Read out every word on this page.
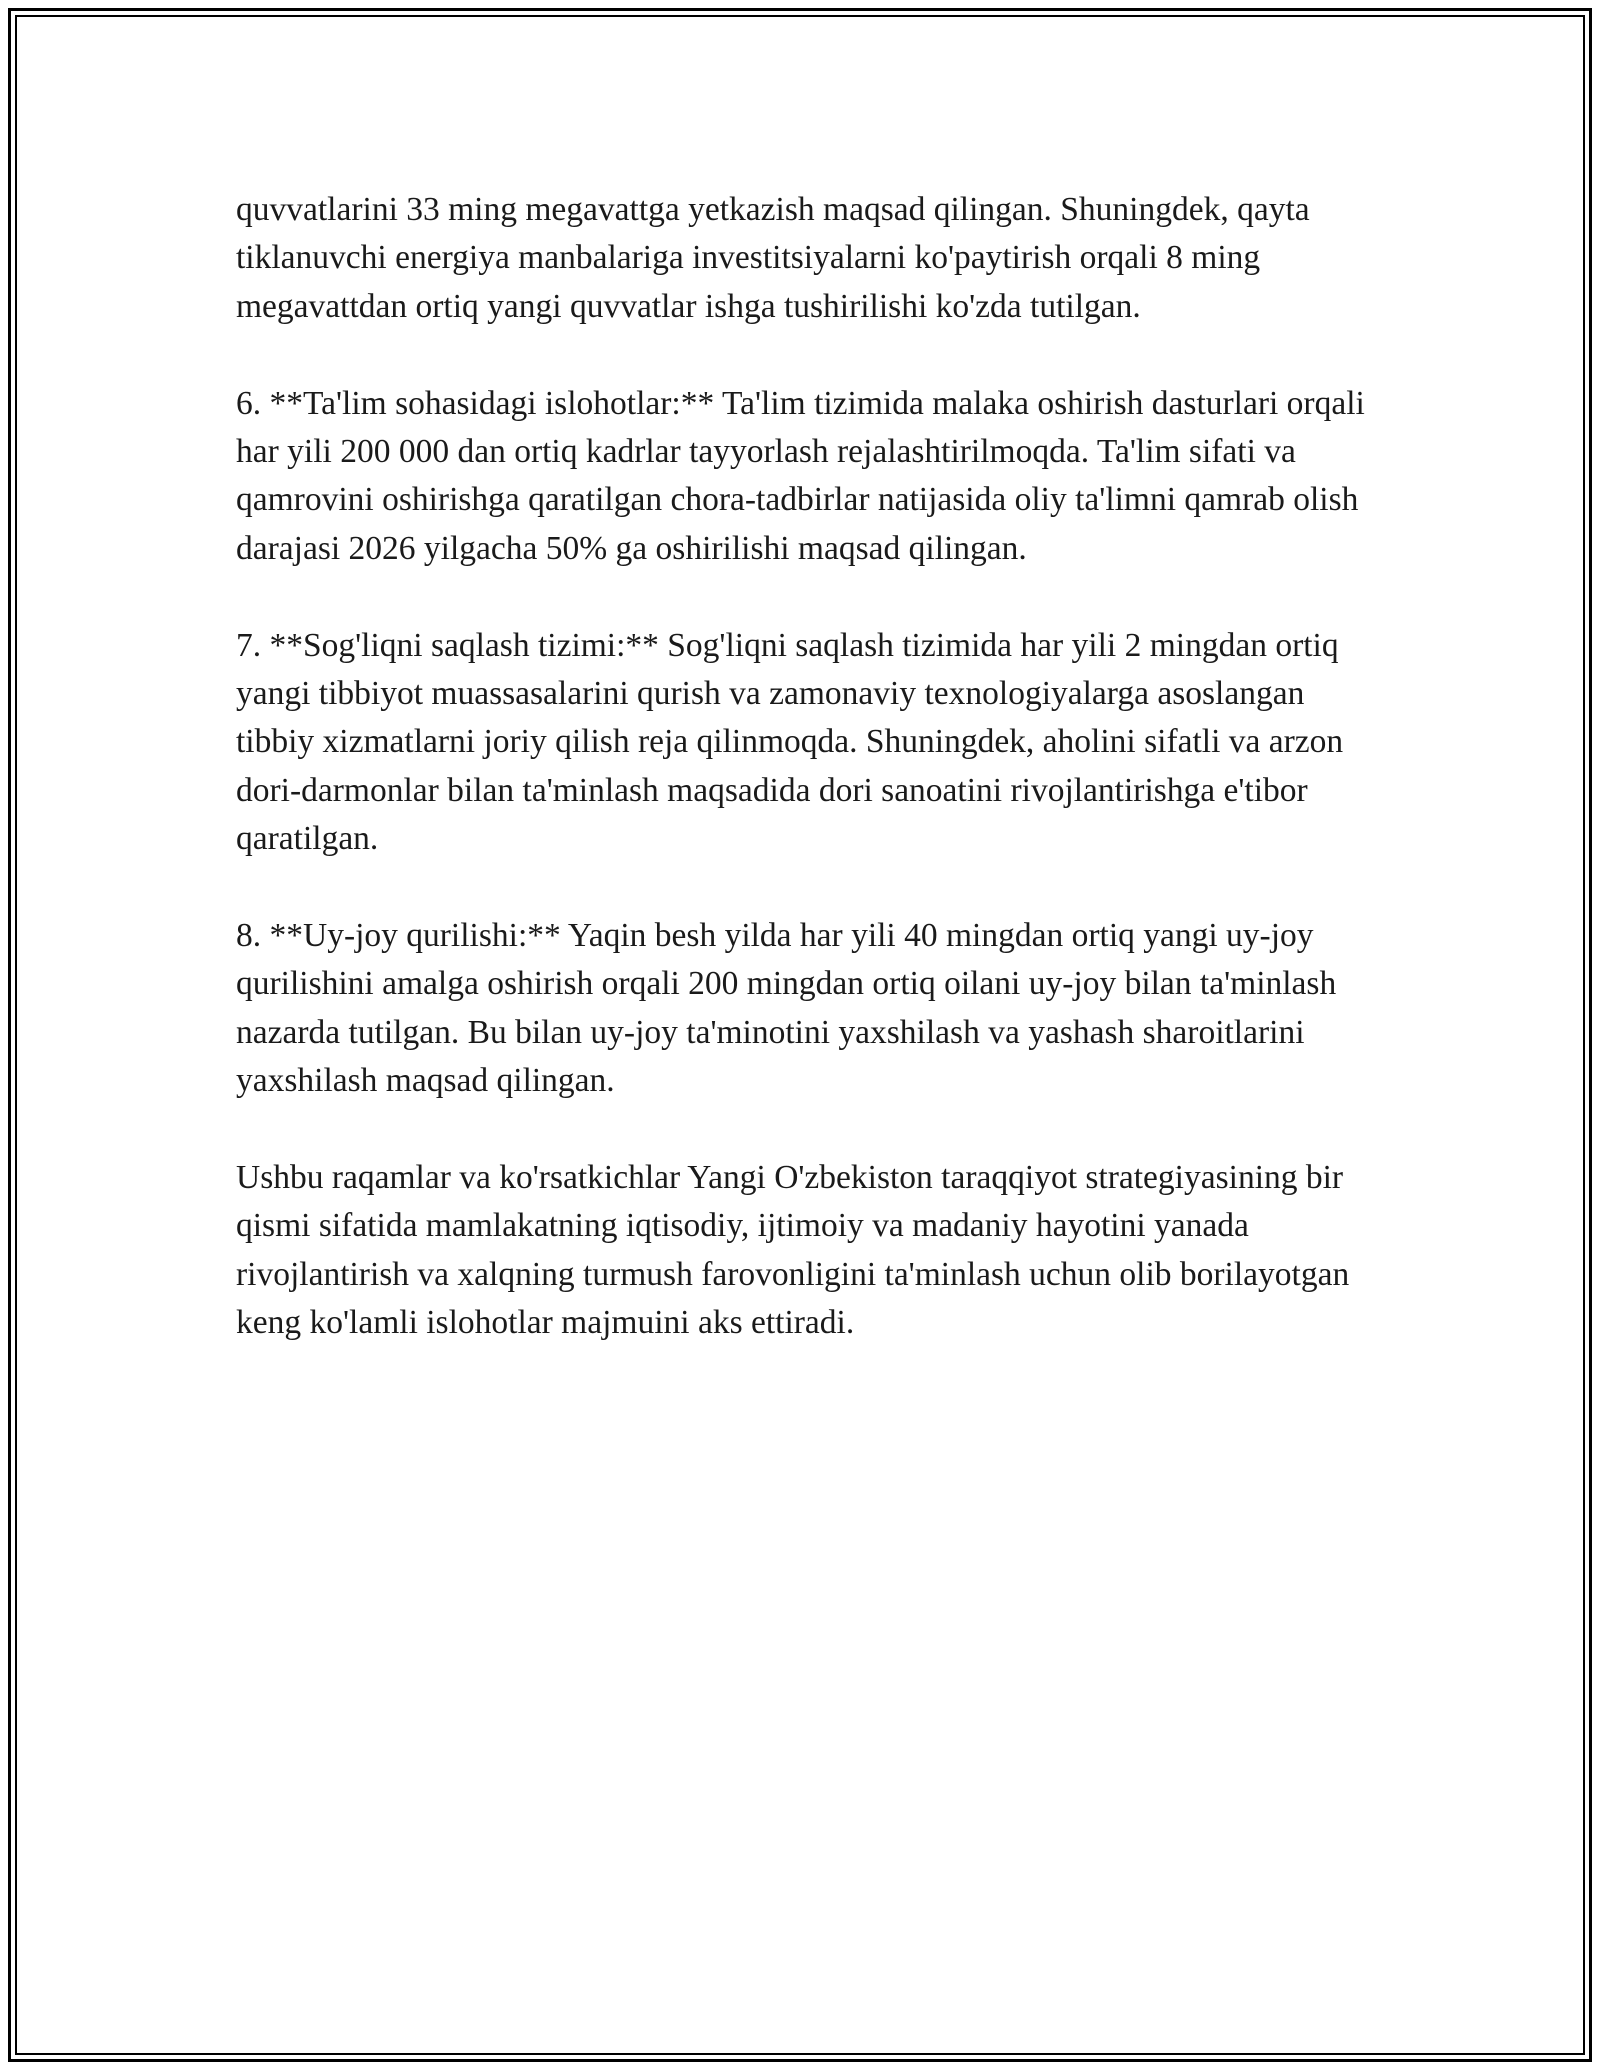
quvvatlarini 33 ming megavattga yetkazish maqsad qilingan. Shuningdek, qayta tiklanuvchi energiya manbalariga investitsiyalarni ko'paytirish orqali 8 ming megavattdan ortiq yangi quvvatlar ishga tushirilishi ko'zda tutilgan.

6. **Ta'lim sohasidagi islohotlar:** Ta'lim tizimida malaka oshirish dasturlari orqali har yili 200 000 dan ortiq kadrlar tayyorlash rejalashtirilmoqda. Ta'lim sifati va qamrovini oshirishga qaratilgan chora-tadbirlar natijasida oliy ta'limni qamrab olish darajasi 2026 yilgacha 50% ga oshirilishi maqsad qilingan.

7. **Sog'liqni saqlash tizimi:** Sog'liqni saqlash tizimida har yili 2 mingdan ortiq yangi tibbiyot muassasalarini qurish va zamonaviy texnologiyalarga asoslangan tibbiy xizmatlarni joriy qilish reja qilinmoqda. Shuningdek, aholini sifatli va arzon dori-darmonlar bilan ta'minlash maqsadida dori sanoatini rivojlantirishga e'tibor qaratilgan.

8. **Uy-joy qurilishi:** Yaqin besh yilda har yili 40 mingdan ortiq yangi uy-joy qurilishini amalga oshirish orqali 200 mingdan ortiq oilani uy-joy bilan ta'minlash nazarda tutilgan. Bu bilan uy-joy ta'minotini yaxshilash va yashash sharoitlarini yaxshilash maqsad qilingan.

Ushbu raqamlar va ko'rsatkichlar Yangi O'zbekiston taraqqiyot strategiyasining bir qismi sifatida mamlakatning iqtisodiy, ijtimoiy va madaniy hayotini yanada rivojlantirish va xalqning turmush farovonligini ta'minlash uchun olib borilayotgan keng ko'lamli islohotlar majmuini aks ettiradi.
